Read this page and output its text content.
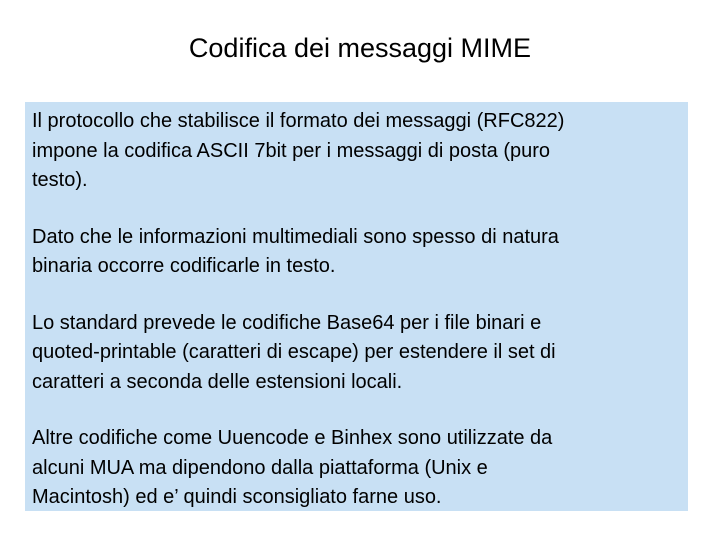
Codifica dei messaggi MIME

Il protocollo che stabilisce il formato dei messaggi (RFC822)
impone la codifica ASCII 7bit per i messaggi di posta (puro
testo).

Dato che le informazioni multimediali sono spesso di natura
binaria occorre codificarle in testo.

Lo standard prevede le codifiche Base64 per i file binari e
quoted-printable (caratteri di escape) per estendere il set di
caratteri a seconda delle estensioni locali.

Altre codifiche come Uuencode e Binhex sono utilizzate da
alcuni MUA ma dipendono dalla piattaforma (Unix e
Macintosh) ed e’ quindi sconsigliato farne uso.
